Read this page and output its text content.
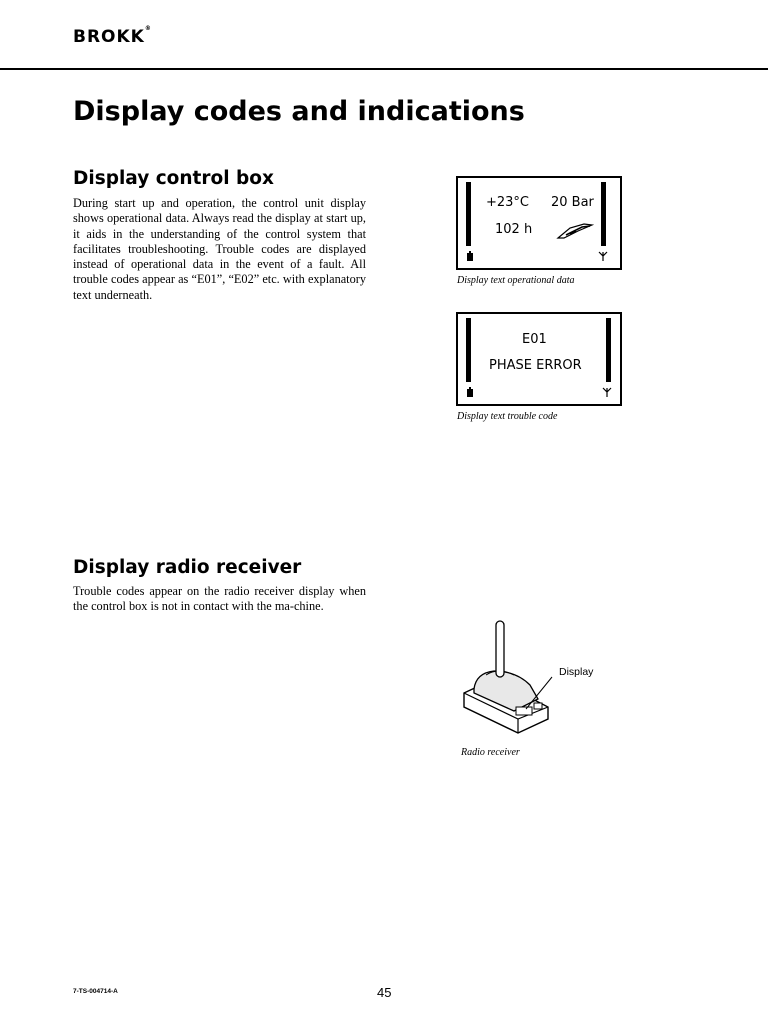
BROKK®
Display codes and indications
Display control box
During start up and operation, the control unit display shows operational data. Always read the display at start up, it aids in the understanding of the control system that facilitates troubleshooting. Trouble codes are displayed instead of operational data in the event of a fault. All trouble codes appear as “E01”, “E02” etc. with explanatory text underneath.
+23°C 20 Bar
102 h
Display text operational data
E01
PHASE ERROR
Display text trouble code
Display radio receiver
Trouble codes appear on the radio receiver display when the control box is not in contact with the ma-chine.
Display
Radio receiver
7-TS-004714-A	45
